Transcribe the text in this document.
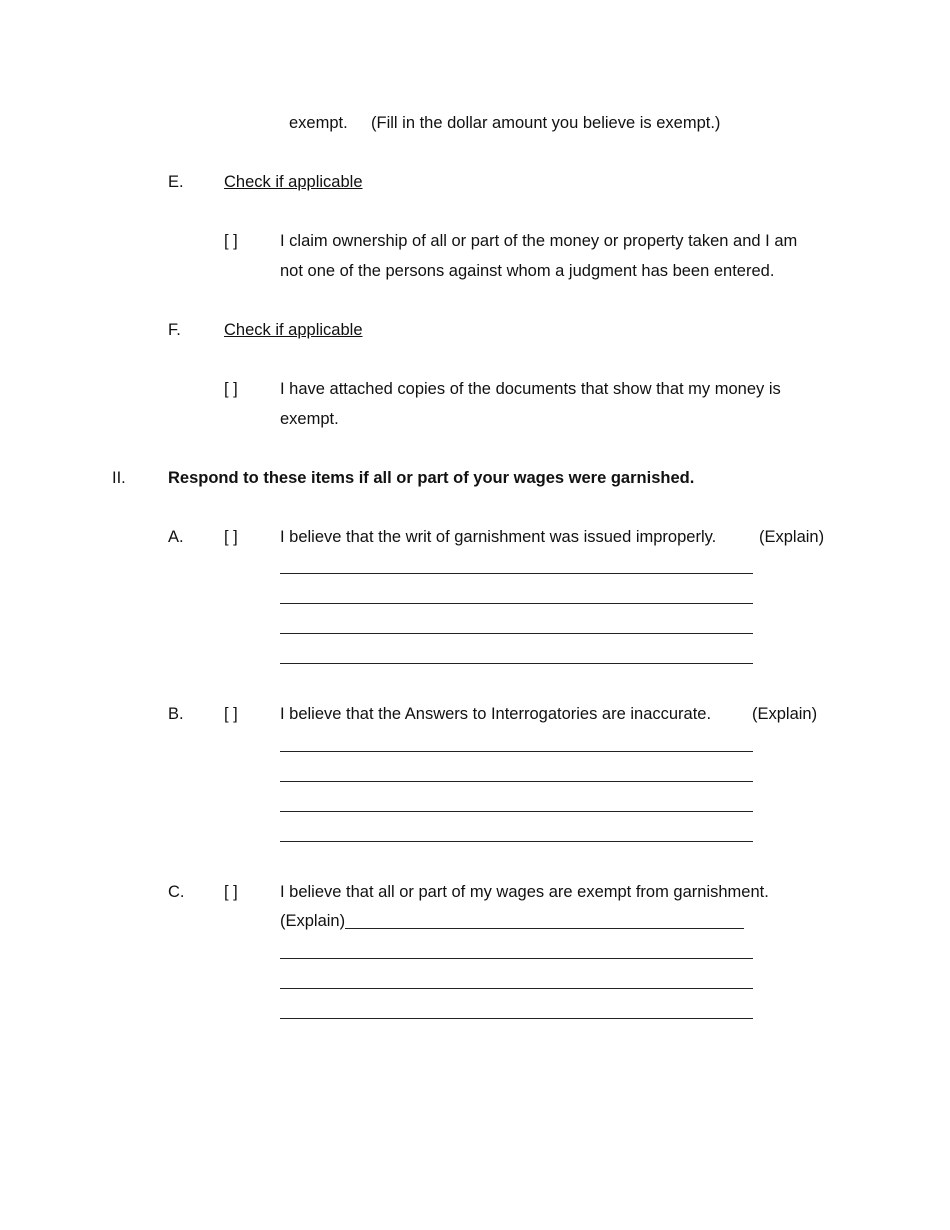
exempt. (Fill in the dollar amount you believe is exempt.)
E. Check if applicable
[ ]	I claim ownership of all or part of the money or property taken and I am
not one of the persons against whom a judgment has been entered.
F.	Check if applicable
[ ]	I have attached copies of the documents that show that my money is
exempt.
II.	Respond to these items if all or part of your wages were garnished.
A. [ ]	I believe that the writ of garnishment was issued improperly.	(Explain)
B. [ ]	I believe that the Answers to Interrogatories are inaccurate. (Explain)
C. [ ]	I believe that all or part of my wages are exempt from garnishment.
(Explain)
